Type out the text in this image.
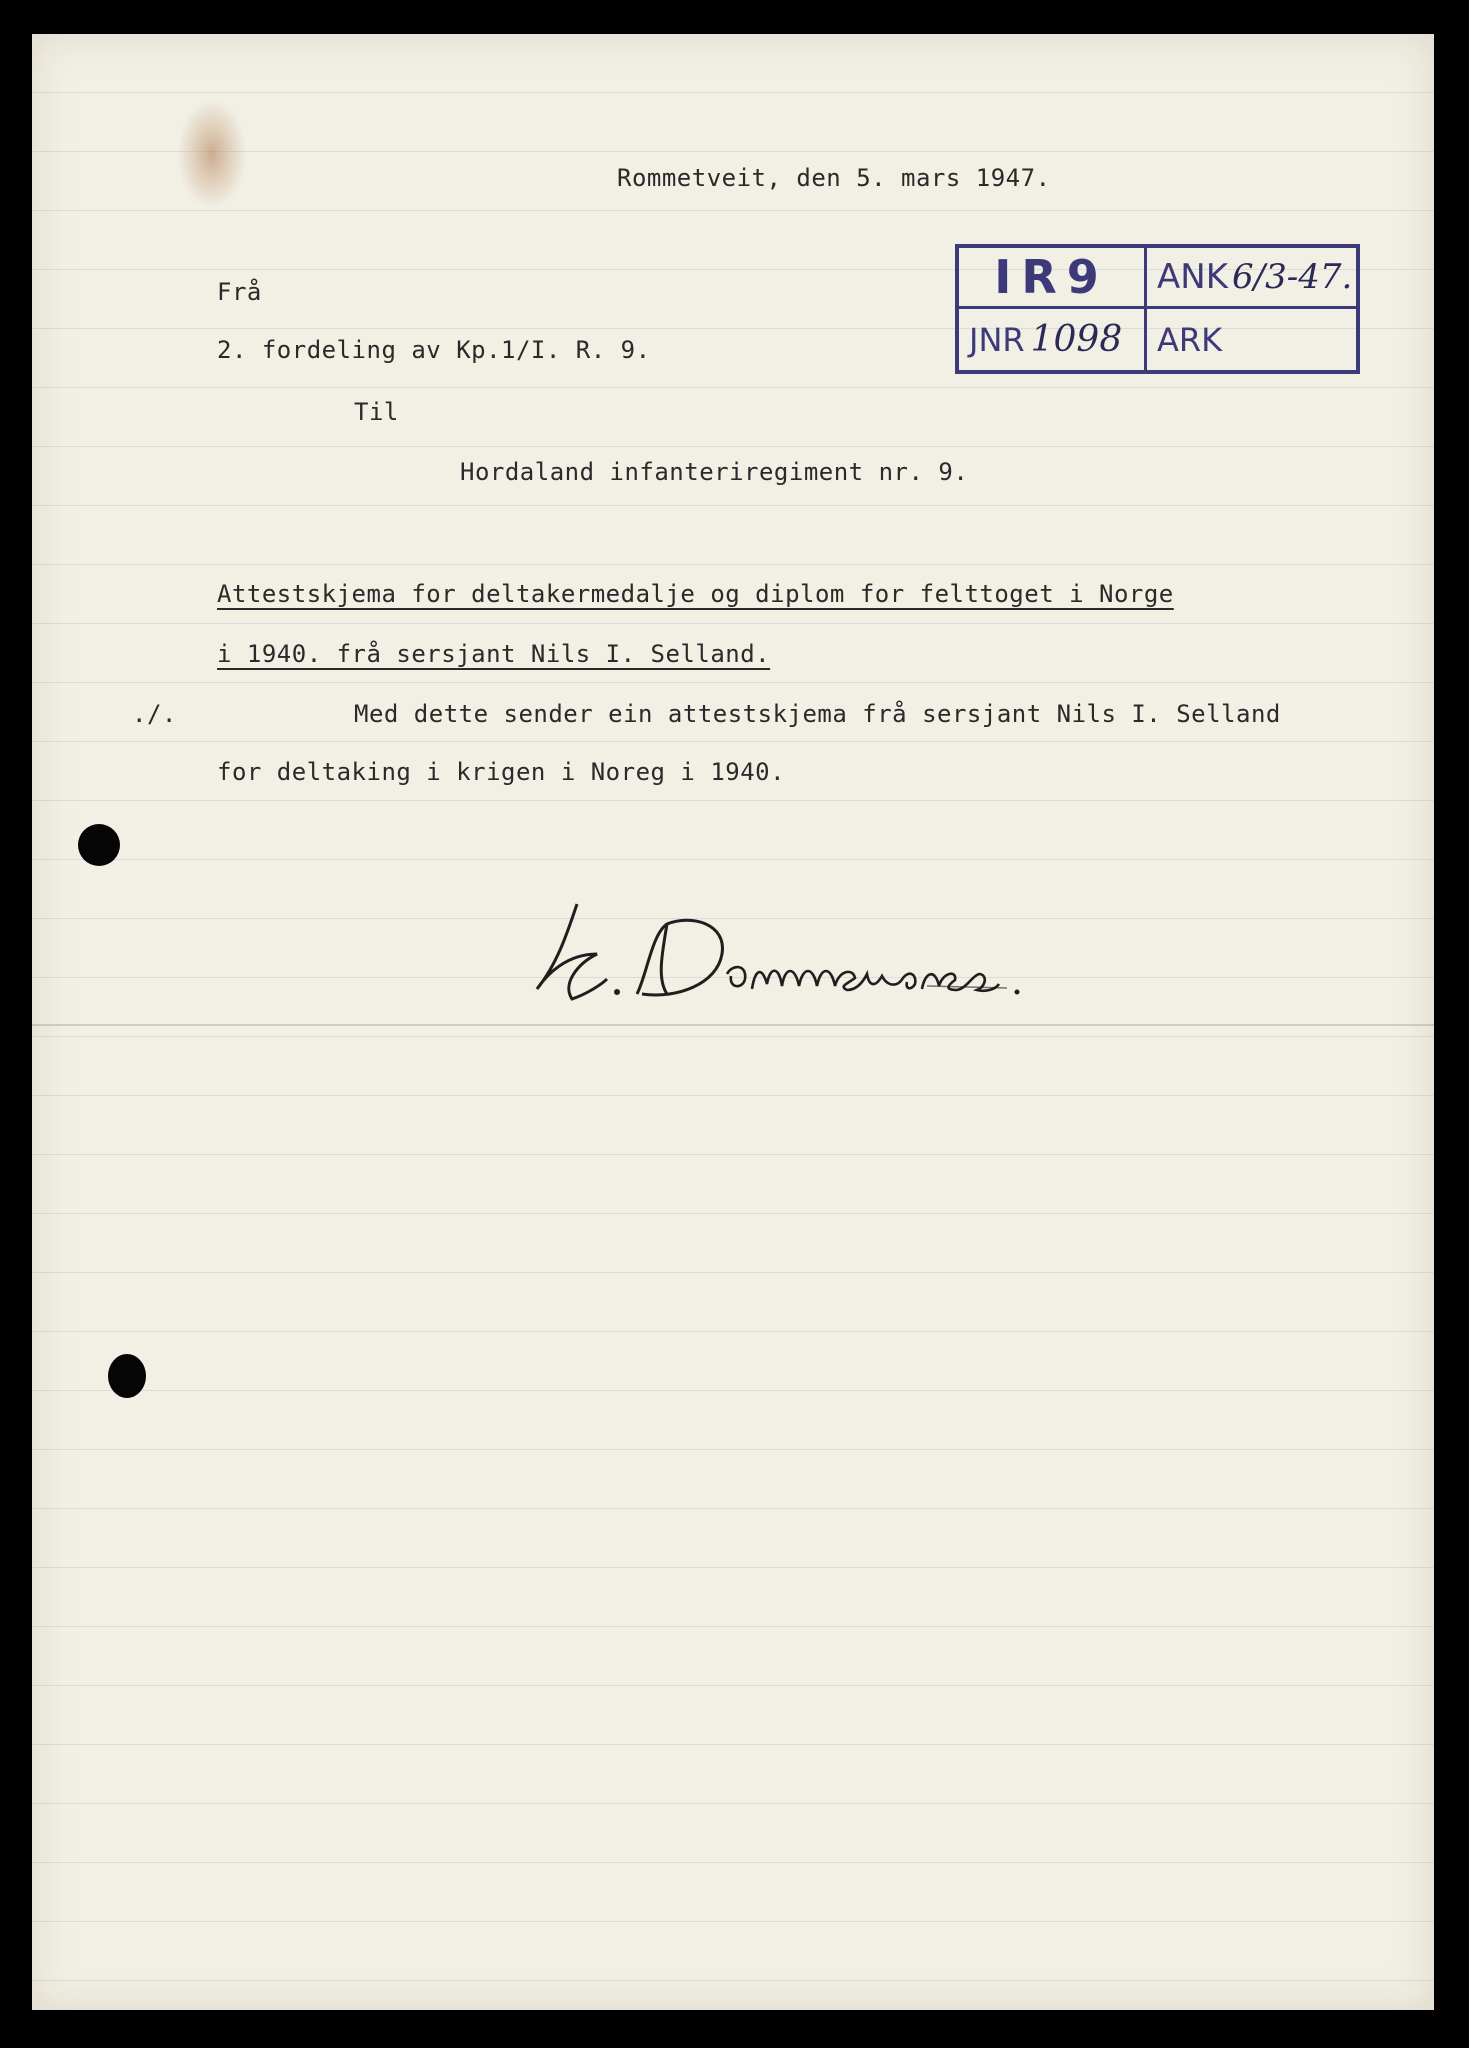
Rommetveit, den 5. mars 1947.
IR9	ANK 6/3-47.
JNR 1098	ARK
Frå
2. fordeling av Kp.1/I. R. 9.
Til
Hordaland infanteriregiment nr. 9.
Attestskjema for deltakermedalje og diplom for felttoget i Norge
i 1940. frå sersjant Nils I. Selland.
./.	Med dette sender ein attestskjema frå sersjant Nils I. Selland
for deltaking i krigen i Noreg i 1940.
